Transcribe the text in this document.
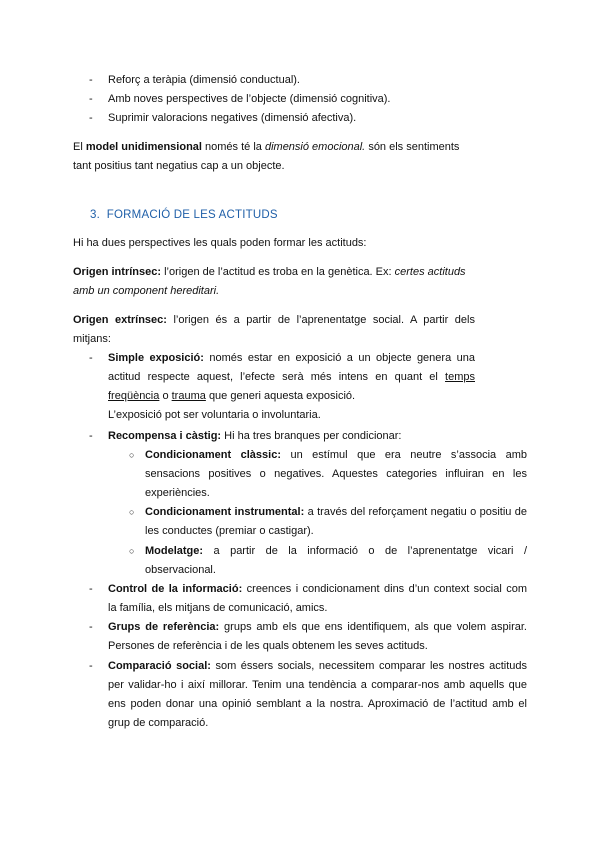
- Reforç a teràpia (dimensió conductual).
- Amb noves perspectives de l’objecte (dimensió cognitiva).
- Suprimir valoracions negatives (dimensió afectiva).
El model unidimensional només té la dimensió emocional. són els sentiments
tant positius tant negatius cap a un objecte.
3. FORMACIÓ DE LES ACTITUDS
Hi ha dues perspectives les quals poden formar les actituds:
Origen intrínsec: l’origen de l’actitud es troba en la genètica. Ex: certes actituds
amb un component hereditari.
Origen extrínsec: l’origen és a partir de l’aprenentatge social. A partir dels
mitjans:
- Simple exposició: només estar en exposició a un objecte genera una
actitud respecte aquest, l’efecte serà més intens en quant el temps
freqüència o trauma que generi aquesta exposició.
L’exposició pot ser voluntaria o involuntaria.
- Recompensa i càstig: Hi ha tres branques per condicionar:
○ Condicionament clàssic: un estímul que era neutre s’associa amb
sensacions positives o negatives. Aquestes categories influiran en les
experiències.
○ Condicionament instrumental: a través del reforçament negatiu o positiu de
les conductes (premiar o castigar).
○ Modelatge: a partir de la informació o de l’aprenentatge vicari /
observacional.
- Control de la informació: creences i condicionament dins d’un context social com
la família, els mitjans de comunicació, amics.
- Grups de referència: grups amb els que ens identifiquem, als que volem aspirar.
Persones de referència i de les quals obtenem les seves actituds.
- Comparació social: som éssers socials, necessitem comparar les nostres actituds
per validar-ho i així millorar. Tenim una tendència a comparar-nos amb aquells que
ens poden donar una opinió semblant a la nostra. Aproximació de l’actitud amb el
grup de comparació.
